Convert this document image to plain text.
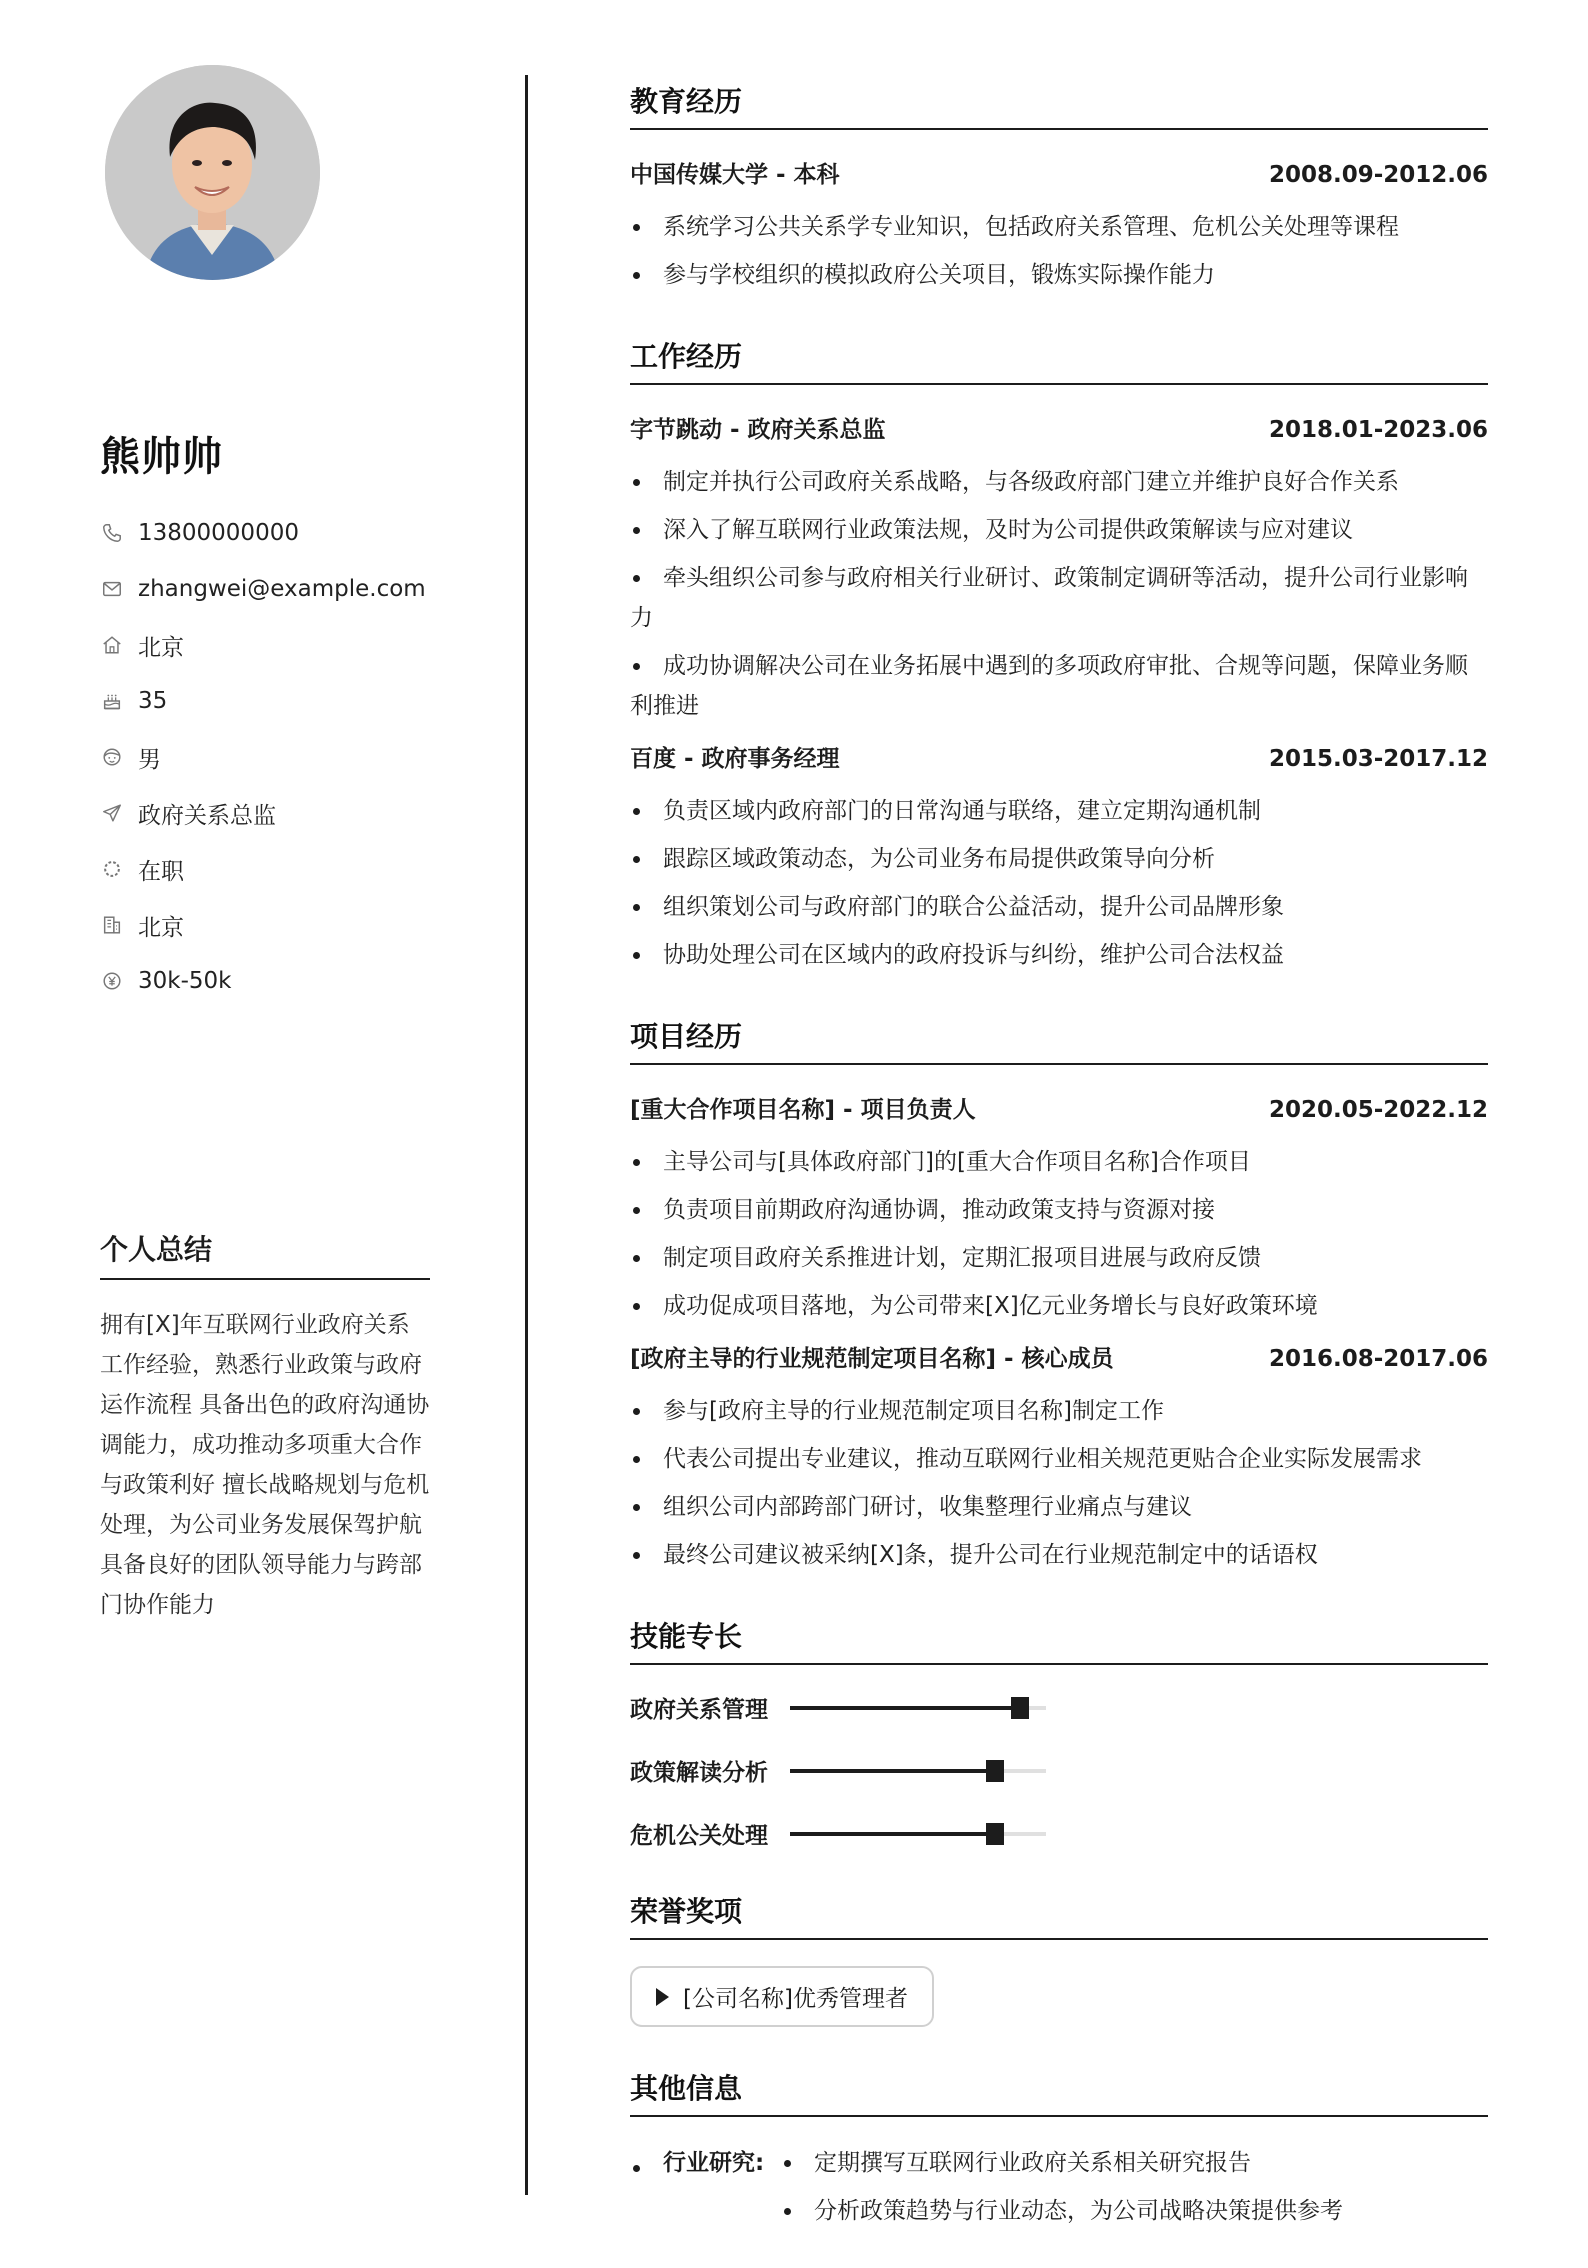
熊帅帅
13800000000
zhangwei@example.com
北京
35
男
政府关系总监
在职
北京
30k-50k
个人总结
拥有[X]年互联网行业政府关系工作经验，熟悉行业政策与政府运作流程 具备出色的政府沟通协调能力，成功推动多项重大合作与政策利好 擅长战略规划与危机处理，为公司业务发展保驾护航 具备良好的团队领导能力与跨部门协作能力
教育经历
中国传媒大学 - 本科	2008.09-2012.06
系统学习公共关系学专业知识，包括政府关系管理、危机公关处理等课程
参与学校组织的模拟政府公关项目，锻炼实际操作能力
工作经历
字节跳动 - 政府关系总监	2018.01-2023.06
制定并执行公司政府关系战略，与各级政府部门建立并维护良好合作关系
深入了解互联网行业政策法规，及时为公司提供政策解读与应对建议
牵头组织公司参与政府相关行业研讨、政策制定调研等活动，提升公司行业影响力
成功协调解决公司在业务拓展中遇到的多项政府审批、合规等问题，保障业务顺利推进
百度 - 政府事务经理	2015.03-2017.12
负责区域内政府部门的日常沟通与联络，建立定期沟通机制
跟踪区域政策动态，为公司业务布局提供政策导向分析
组织策划公司与政府部门的联合公益活动，提升公司品牌形象
协助处理公司在区域内的政府投诉与纠纷，维护公司合法权益
项目经历
[重大合作项目名称] - 项目负责人	2020.05-2022.12
主导公司与[具体政府部门]的[重大合作项目名称]合作项目
负责项目前期政府沟通协调，推动政策支持与资源对接
制定项目政府关系推进计划，定期汇报项目进展与政府反馈
成功促成项目落地，为公司带来[X]亿元业务增长与良好政策环境
[政府主导的行业规范制定项目名称] - 核心成员	2016.08-2017.06
参与[政府主导的行业规范制定项目名称]制定工作
代表公司提出专业建议，推动互联网行业相关规范更贴合企业实际发展需求
组织公司内部跨部门研讨，收集整理行业痛点与建议
最终公司建议被采纳[X]条，提升公司在行业规范制定中的话语权
技能专长
政府关系管理
政策解读分析
危机公关处理
荣誉奖项
[公司名称]优秀管理者
其他信息
行业研究:	定期撰写互联网行业政府关系相关研究报告
分析政策趋势与行业动态，为公司战略决策提供参考
